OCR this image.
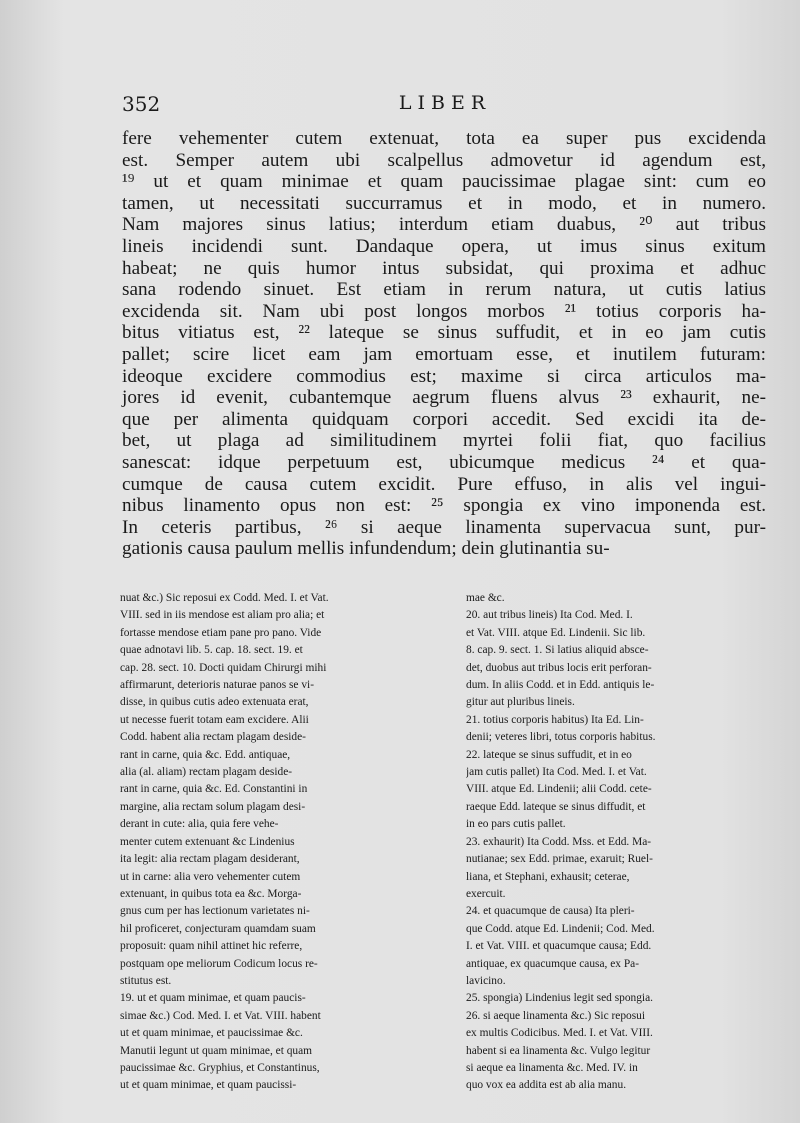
352	LIBER
fere vehementer cutem extenuat, tota ea super pus excidenda
est. Semper autem ubi scalpellus admovetur id agendum est,
¹⁹ ut et quam minimae et quam paucissimae plagae sint: cum eo
tamen, ut necessitati succurramus et in modo, et in numero.
Nam majores sinus latius; interdum etiam duabus, ²⁰ aut tribus
lineis incidendi sunt. Dandaque opera, ut imus sinus exitum
habeat; ne quis humor intus subsidat, qui proxima et adhuc
sana rodendo sinuet. Est etiam in rerum natura, ut cutis latius
excidenda sit. Nam ubi post longos morbos ²¹ totius corporis ha-
bitus vitiatus est, ²² lateque se sinus suffudit, et in eo jam cutis
pallet; scire licet eam jam emortuam esse, et inutilem futuram:
ideoque excidere commodius est; maxime si circa articulos ma-
jores id evenit, cubantemque aegrum fluens alvus ²³ exhaurit, ne-
que per alimenta quidquam corpori accedit. Sed excidi ita de-
bet, ut plaga ad similitudinem myrtei folii fiat, quo facilius
sanescat: idque perpetuum est, ubicumque medicus ²⁴ et qua-
cumque de causa cutem excidit. Pure effuso, in alis vel ingui-
nibus linamento opus non est: ²⁵ spongia ex vino imponenda est.
In ceteris partibus, ²⁶ si aeque linamenta supervacua sunt, pur-
gationis causa paulum mellis infundendum; dein glutinantia su-
nuat &c.) Sic reposui ex Codd. Med. I. et Vat.
VIII. sed in iis mendose est aliam pro alia; et
fortasse mendose etiam pane pro pano. Vide
quae adnotavi lib. 5. cap. 18. sect. 19. et
cap. 28. sect. 10. Docti quidam Chirurgi mihi
affirmarunt, deterioris naturae panos se vi-
disse, in quibus cutis adeo extenuata erat,
ut necesse fuerit totam eam excidere. Alii
Codd. habent alia rectam plagam deside-
rant in carne, quia &c. Edd. antiquae,
alia (al. aliam) rectam plagam deside-
rant in carne, quia &c. Ed. Constantini in
margine, alia rectam solum plagam desi-
derant in cute: alia, quia fere vehe-
menter cutem extenuant &c Lindenius
ita legit: alia rectam plagam desiderant,
ut in carne: alia vero vehementer cutem
extenuant, in quibus tota ea &c. Morga-
gnus cum per has lectionum varietates ni-
hil proficeret, conjecturam quamdam suam
proposuit: quam nihil attinet hic referre,
postquam ope meliorum Codicum locus re-
stitutus est.
19. ut et quam minimae, et quam paucis-
simae &c.) Cod. Med. I. et Vat. VIII. habent
ut et quam minimae, et paucissimae &c.
Manutii legunt ut quam minimae, et quam
paucissimae &c. Gryphius, et Constantinus,
ut et quam minimae, et quam paucissi-
mae &c.
20. aut tribus lineis) Ita Cod. Med. I.
et Vat. VIII. atque Ed. Lindenii. Sic lib.
8. cap. 9. sect. 1. Si latius aliquid absce-
det, duobus aut tribus locis erit perforan-
dum. In aliis Codd. et in Edd. antiquis le-
gitur aut pluribus lineis.
21. totius corporis habitus) Ita Ed. Lin-
denii; veteres libri, totus corporis habitus.
22. lateque se sinus suffudit, et in eo
jam cutis pallet) Ita Cod. Med. I. et Vat.
VIII. atque Ed. Lindenii; alii Codd. cete-
raeque Edd. lateque se sinus diffudit, et
in eo pars cutis pallet.
23. exhaurit) Ita Codd. Mss. et Edd. Ma-
nutianae; sex Edd. primae, exaruit; Ruel-
liana, et Stephani, exhausit; ceterae,
exercuit.
24. et quacumque de causa) Ita pleri-
que Codd. atque Ed. Lindenii; Cod. Med.
I. et Vat. VIII. et quacumque causa; Edd.
antiquae, ex quacumque causa, ex Pa-
lavicino.
25. spongia) Lindenius legit sed spongia.
26. si aeque linamenta &c.) Sic reposui
ex multis Codicibus. Med. I. et Vat. VIII.
habent si ea linamenta &c. Vulgo legitur
si aeque ea linamenta &c. Med. IV. in
quo vox ea addita est ab alia manu.
